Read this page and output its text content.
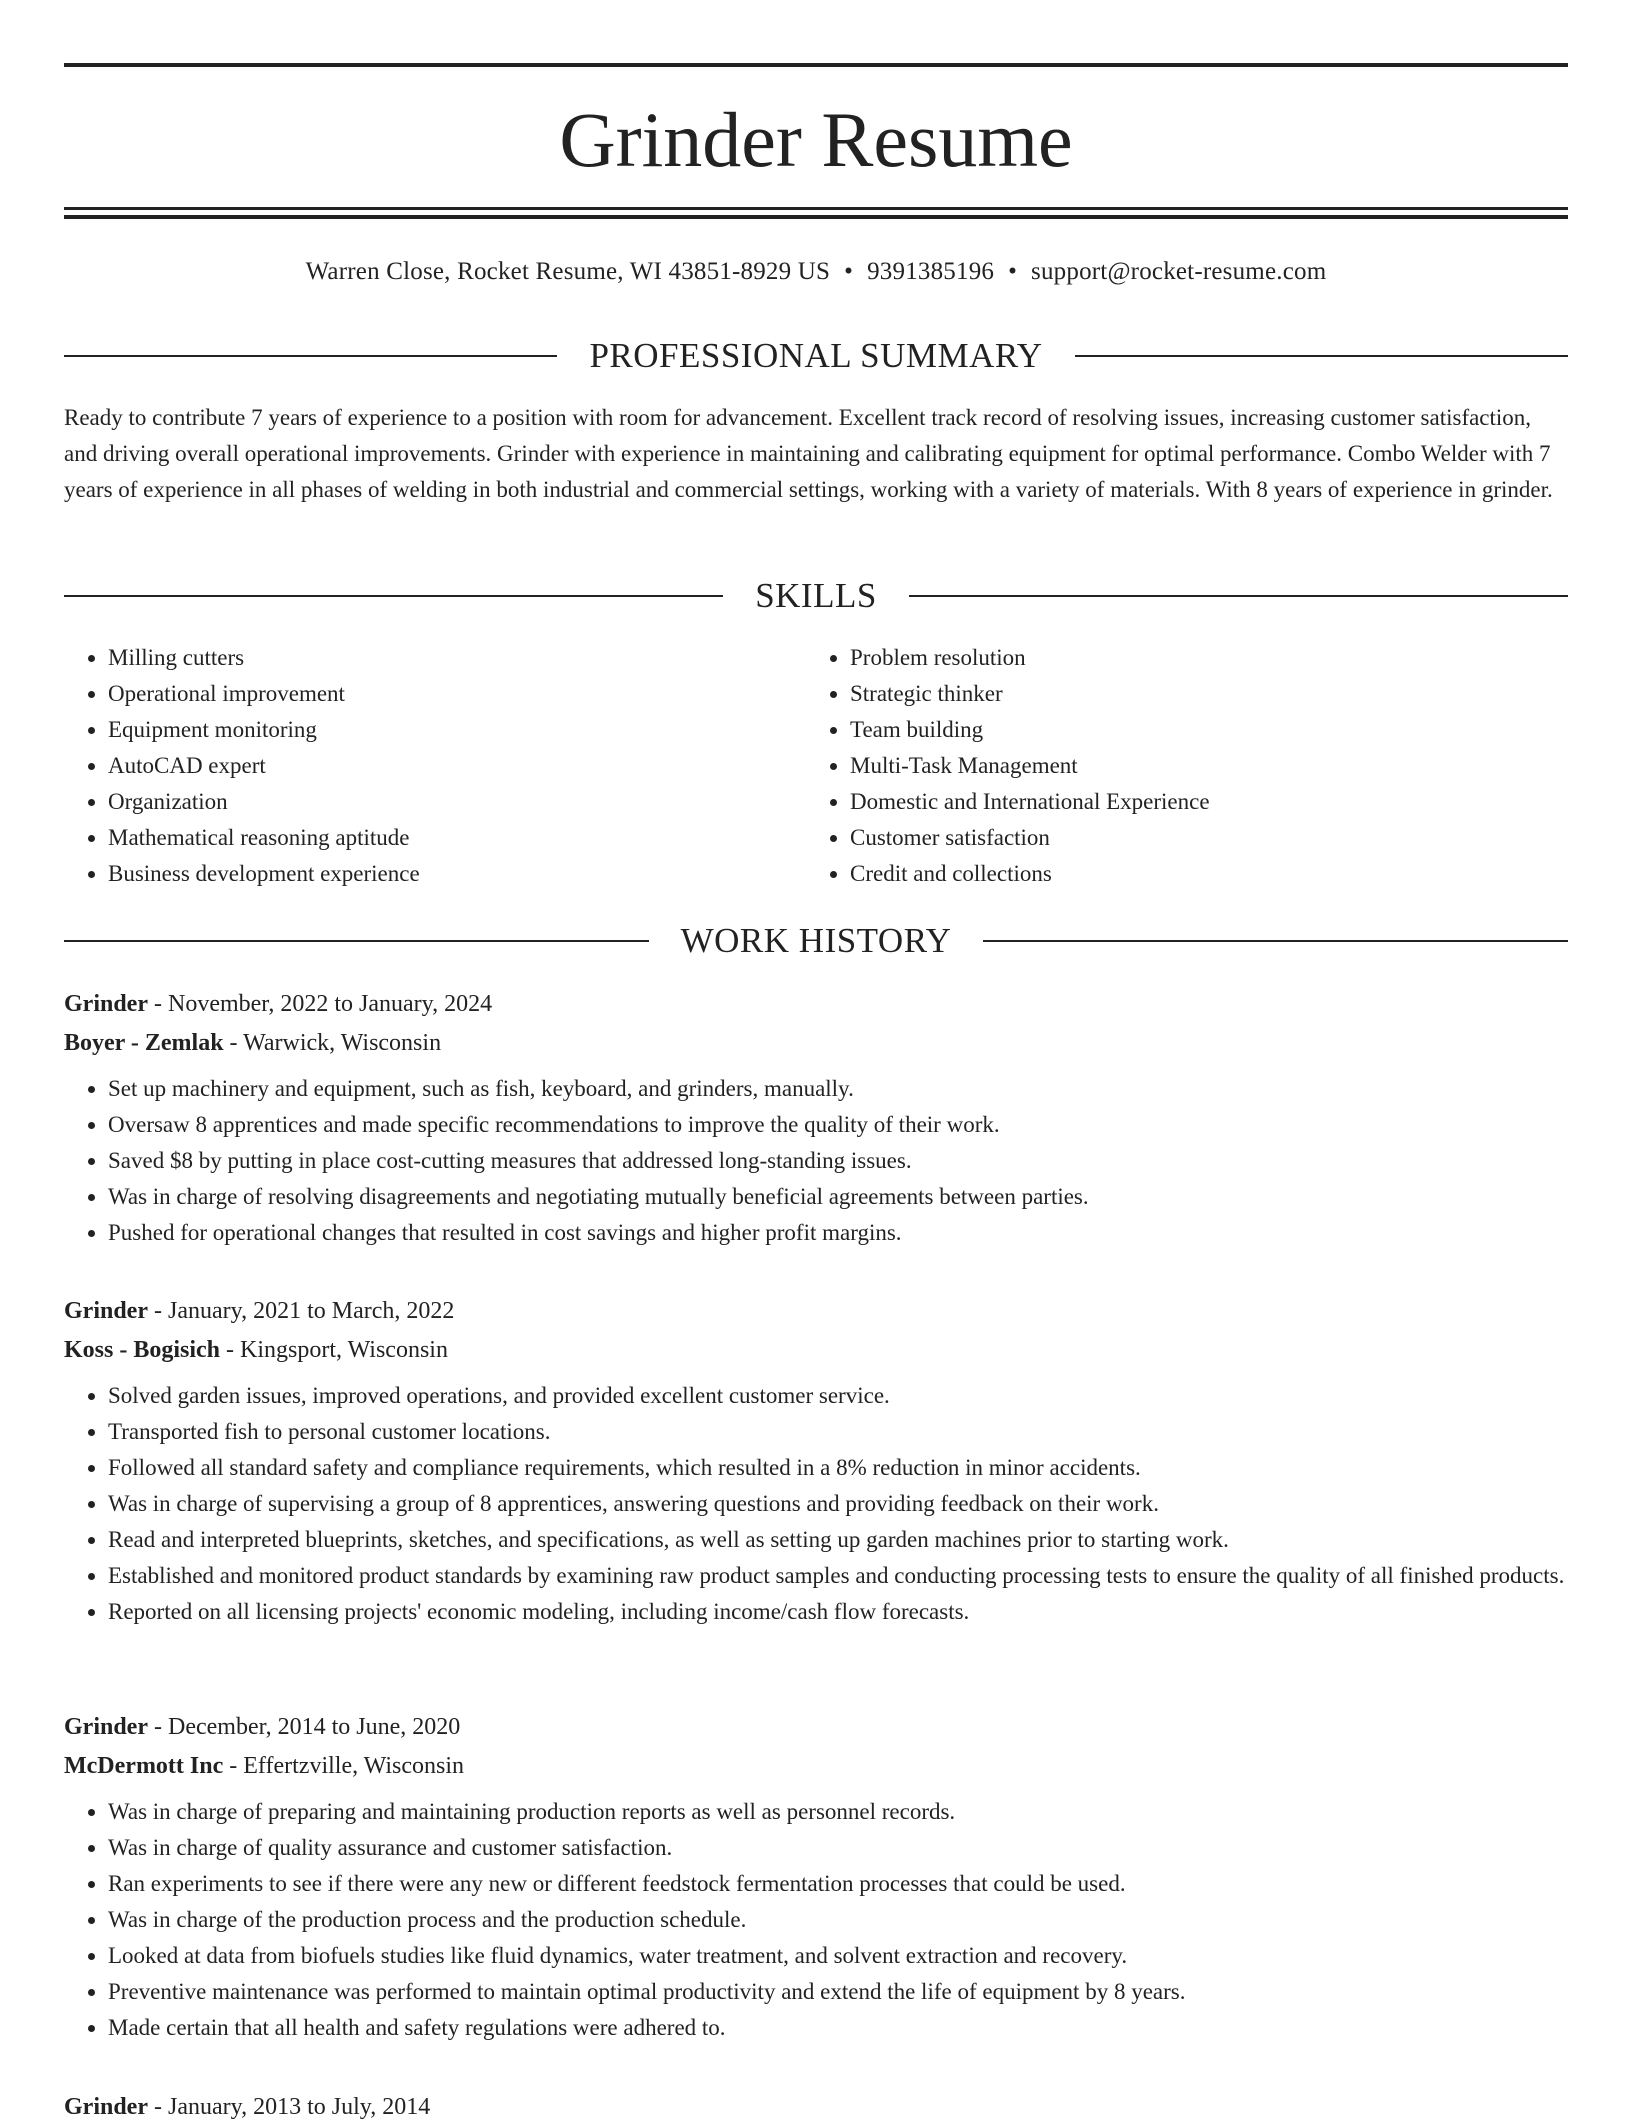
Grinder Resume
Warren Close, Rocket Resume, WI 43851-8929 US • 9391385196 • support@rocket-resume.com
PROFESSIONAL SUMMARY

Ready to contribute 7 years of experience to a position with room for advancement. Excellent track record of resolving issues, increasing customer satisfaction, and driving overall operational improvements. Grinder with experience in maintaining and calibrating equipment for optimal performance. Combo Welder with 7 years of experience in all phases of welding in both industrial and commercial settings, working with a variety of materials. With 8 years of experience in grinder.

SKILLS
• Milling cutters
• Operational improvement
• Equipment monitoring
• AutoCAD expert
• Organization
• Mathematical reasoning aptitude
• Business development experience
• Problem resolution
• Strategic thinker
• Team building
• Multi-Task Management
• Domestic and International Experience
• Customer satisfaction
• Credit and collections
WORK HISTORY
Grinder - November, 2022 to January, 2024
Boyer - Zemlak - Warwick, Wisconsin
• Set up machinery and equipment, such as fish, keyboard, and grinders, manually.
• Oversaw 8 apprentices and made specific recommendations to improve the quality of their work.
• Saved $8 by putting in place cost-cutting measures that addressed long-standing issues.
• Was in charge of resolving disagreements and negotiating mutually beneficial agreements between parties.
• Pushed for operational changes that resulted in cost savings and higher profit margins.
Grinder - January, 2021 to March, 2022
Koss - Bogisich - Kingsport, Wisconsin
• Solved garden issues, improved operations, and provided excellent customer service.
• Transported fish to personal customer locations.
• Followed all standard safety and compliance requirements, which resulted in a 8% reduction in minor accidents.
• Was in charge of supervising a group of 8 apprentices, answering questions and providing feedback on their work.
• Read and interpreted blueprints, sketches, and specifications, as well as setting up garden machines prior to starting work.
• Established and monitored product standards by examining raw product samples and conducting processing tests to ensure the quality of all finished products.
• Reported on all licensing projects' economic modeling, including income/cash flow forecasts.
Grinder - December, 2014 to June, 2020
McDermott Inc - Effertzville, Wisconsin
• Was in charge of preparing and maintaining production reports as well as personnel records.
• Was in charge of quality assurance and customer satisfaction.
• Ran experiments to see if there were any new or different feedstock fermentation processes that could be used.
• Was in charge of the production process and the production schedule.
• Looked at data from biofuels studies like fluid dynamics, water treatment, and solvent extraction and recovery.
• Preventive maintenance was performed to maintain optimal productivity and extend the life of equipment by 8 years.
• Made certain that all health and safety regulations were adhered to.
Grinder - January, 2013 to July, 2014
